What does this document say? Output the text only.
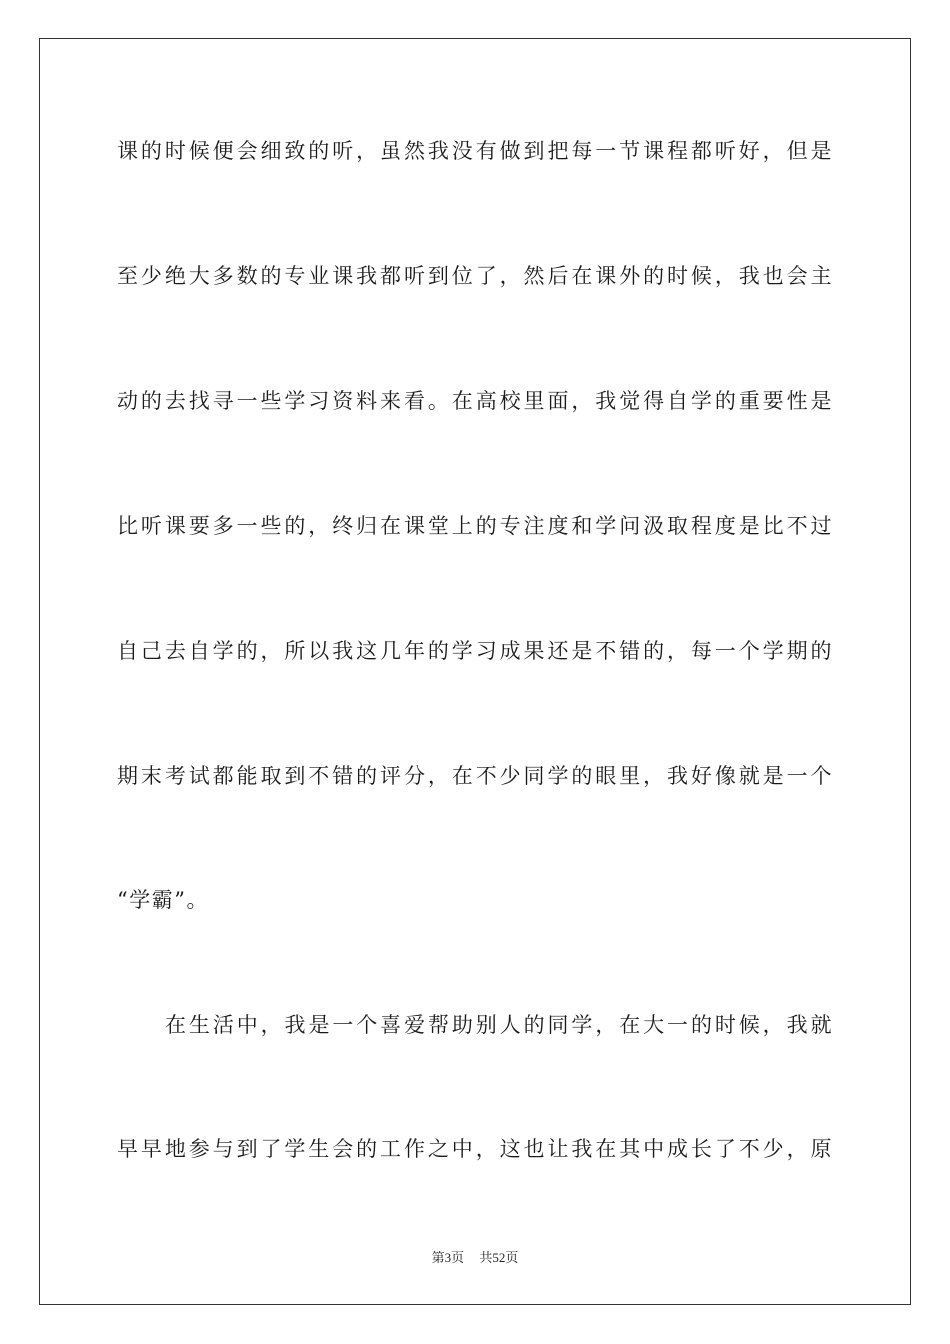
课的时候便会细致的听，虽然我没有做到把每一节课程都听好，但是
至少绝大多数的专业课我都听到位了，然后在课外的时候，我也会主
动的去找寻一些学习资料来看。在高校里面，我觉得自学的重要性是
比听课要多一些的，终归在课堂上的专注度和学问汲取程度是比不过
自己去自学的，所以我这几年的学习成果还是不错的，每一个学期的
期末考试都能取到不错的评分，在不少同学的眼里，我好像就是一个
“学霸”。
在生活中，我是一个喜爱帮助别人的同学，在大一的时候，我就
早早地参与到了学生会的工作之中，这也让我在其中成长了不少，原
第3页 共52页
